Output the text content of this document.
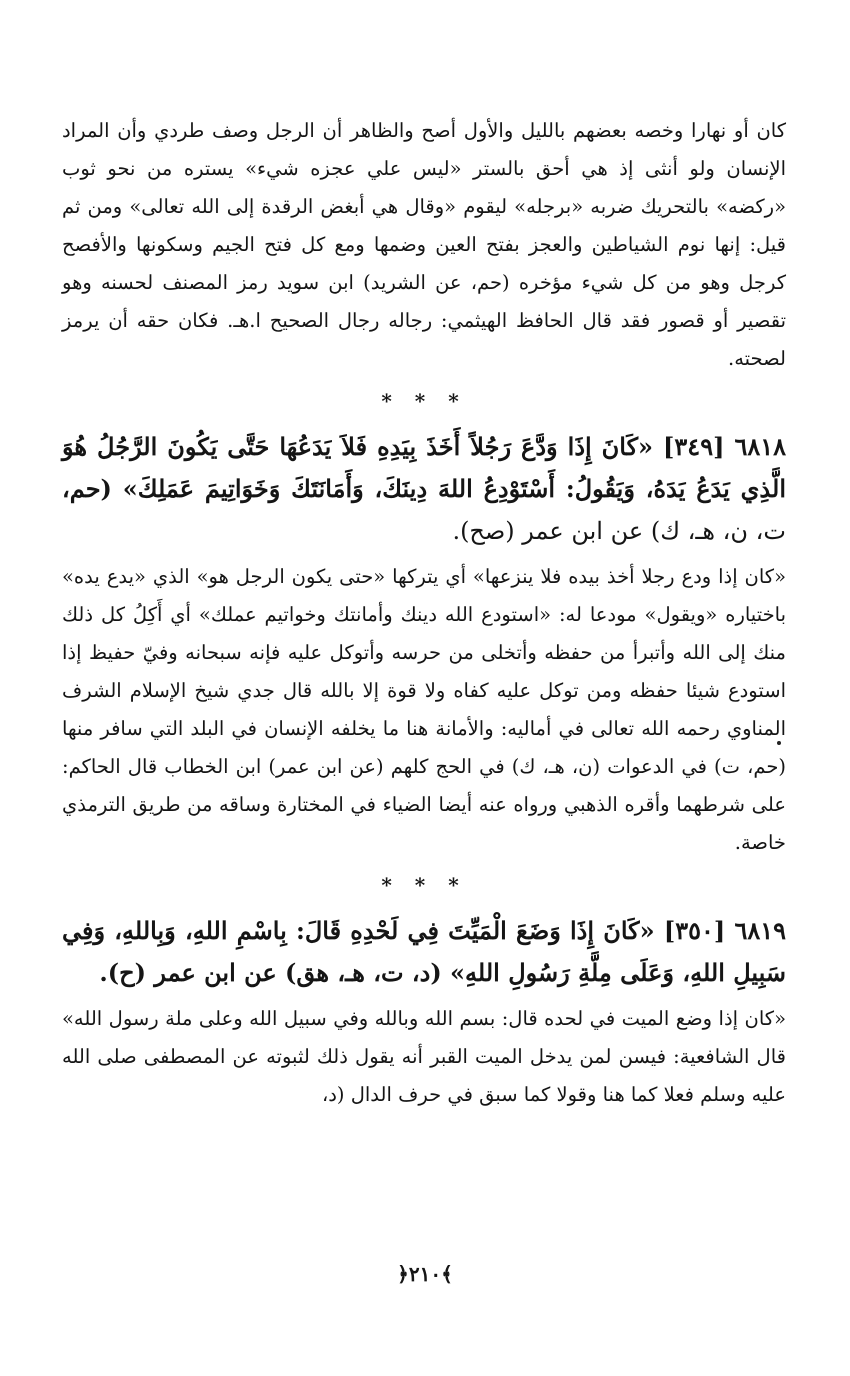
كان أو نهارا وخصه بعضهم بالليل والأول أصح والظاهر أن الرجل وصف طردي وأن المراد الإنسان ولو أنثى إذ هي أحق بالستر «ليس علي عجزه شيء» يستره من نحو ثوب «ركضه» بالتحريك ضربه «برجله» ليقوم «وقال هي أبغض الرقدة إلى الله تعالى» ومن ثم قيل: إنها نوم الشياطين والعجز بفتح العين وضمها ومع كل فتح الجيم وسكونها والأفصح كرجل وهو من كل شيء مؤخره (حم، عن الشريد) ابن سويد رمز المصنف لحسنه وهو تقصير أو قصور فقد قال الحافظ الهيثمي: رجاله رجال الصحيح ا.هـ. فكان حقه أن يرمز لصحته.

* * *

٦٨١٨ [٣٤٩] «كَانَ إِذَا وَدَّعَ رَجُلاً أَخَذَ بِيَدِهِ فَلاَ يَدَعُهَا حَتَّى يَكُونَ الرَّجُلُ هُوَ الَّذِي يَدَعُ يَدَهُ، وَيَقُولُ: أَسْتَوْدِعُ اللهَ دِينَكَ، وَأَمَانَتَكَ وَخَوَاتِيمَ عَمَلِكَ» (حم، ت، ن، هـ، ك) عن ابن عمر (صح).

«كان إذا ودع رجلا أخذ بيده فلا ينزعها» أي يتركها «حتى يكون الرجل هو» الذي «يدع يده» باختياره «ويقول» مودعا له: «استودع الله دينك وأمانتك وخواتيم عملك» أي أَكِلُ كل ذلك منك إلى الله وأتبرأ من حفظه وأتخلى من حرسه وأتوكل عليه فإنه سبحانه وفيّ حفيظ إذا استودع شيئا حفظه ومن توكل عليه كفاه ولا قوة إلا بالله قال جدي شيخ الإسلام الشرف المناوي رحمه الله تعالى في أماليه: والأمانة هنا ما يخلفه الإنسان في البلد التي سافر منها (حم، ت) في الدعوات (ن، هـ، ك) في الحج كلهم (عن ابن عمر) ابن الخطاب قال الحاكم: على شرطهما وأقره الذهبي ورواه عنه أيضا الضياء في المختارة وساقه من طريق الترمذي خاصة.

* * *

٦٨١٩ [٣٥٠] «كَانَ إِذَا وَضَعَ الْمَيِّتَ فِي لَحْدِهِ قَالَ: بِاسْمِ اللهِ، وَبِاللهِ، وَفِي سَبِيلِ اللهِ، وَعَلَى مِلَّةِ رَسُولِ اللهِ» (د، ت، هـ، هق) عن ابن عمر (ح).

«كان إذا وضع الميت في لحده قال: بسم الله وبالله وفي سبيل الله وعلى ملة رسول الله» قال الشافعية: فيسن لمن يدخل الميت القبر أنه يقول ذلك لثبوته عن المصطفى صلى الله عليه وسلم فعلا كما هنا وقولا كما سبق في حرف الدال (د،

﴿٢١٠﴾
